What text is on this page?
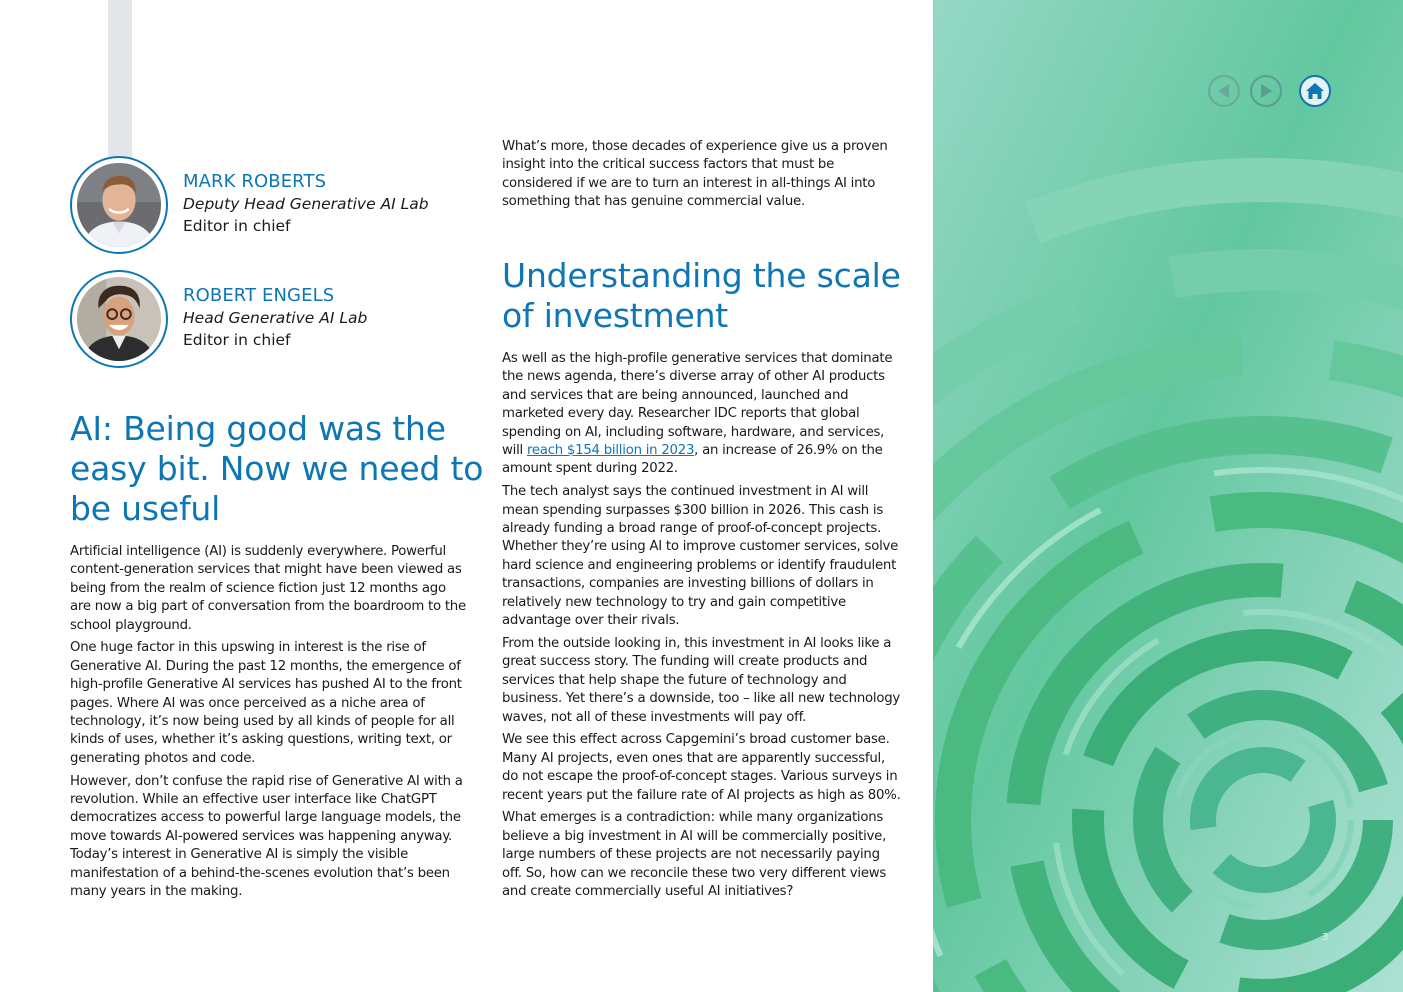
MARK ROBERTS
Deputy Head Generative AI Lab
Editor in chief
ROBERT ENGELS
Head Generative AI Lab
Editor in chief
AI: Being good was the easy bit. Now we need to be useful

Artificial intelligence (AI) is suddenly everywhere. Powerful content-generation services that might have been viewed as being from the realm of science fiction just 12 months ago are now a big part of conversation from the boardroom to the school playground.

One huge factor in this upswing in interest is the rise of Generative AI. During the past 12 months, the emergence of high-profile Generative AI services has pushed AI to the front pages. Where AI was once perceived as a niche area of technology, it’s now being used by all kinds of people for all kinds of uses, whether it’s asking questions, writing text, or generating photos and code.

However, don’t confuse the rapid rise of Generative AI with a revolution. While an effective user interface like ChatGPT democratizes access to powerful large language models, the move towards AI-powered services was happening anyway. Today’s interest in Generative AI is simply the visible manifestation of a behind-the-scenes evolution that’s been many years in the making.

What’s more, those decades of experience give us a proven insight into the critical success factors that must be considered if we are to turn an interest in all-things AI into something that has genuine commercial value.

Understanding the scale of investment

As well as the high-profile generative services that dominate the news agenda, there’s diverse array of other AI products and services that are being announced, launched and marketed every day. Researcher IDC reports that global spending on AI, including software, hardware, and services, will reach $154 billion in 2023, an increase of 26.9% on the amount spent during 2022.

The tech analyst says the continued investment in AI will mean spending surpasses $300 billion in 2026. This cash is already funding a broad range of proof-of-concept projects. Whether they’re using AI to improve customer services, solve hard science and engineering problems or identify fraudulent transactions, companies are investing billions of dollars in relatively new technology to try and gain competitive advantage over their rivals.

From the outside looking in, this investment in AI looks like a great success story. The funding will create products and services that help shape the future of technology and business. Yet there’s a downside, too – like all new technology waves, not all of these investments will pay off.

We see this effect across Capgemini’s broad customer base. Many AI projects, even ones that are apparently successful, do not escape the proof-of-concept stages. Various surveys in recent years put the failure rate of AI projects as high as 80%.

What emerges is a contradiction: while many organizations believe a big investment in AI will be commercially positive, large numbers of these projects are not necessarily paying off. So, how can we reconcile these two very different views and create commercially useful AI initiatives?

3
